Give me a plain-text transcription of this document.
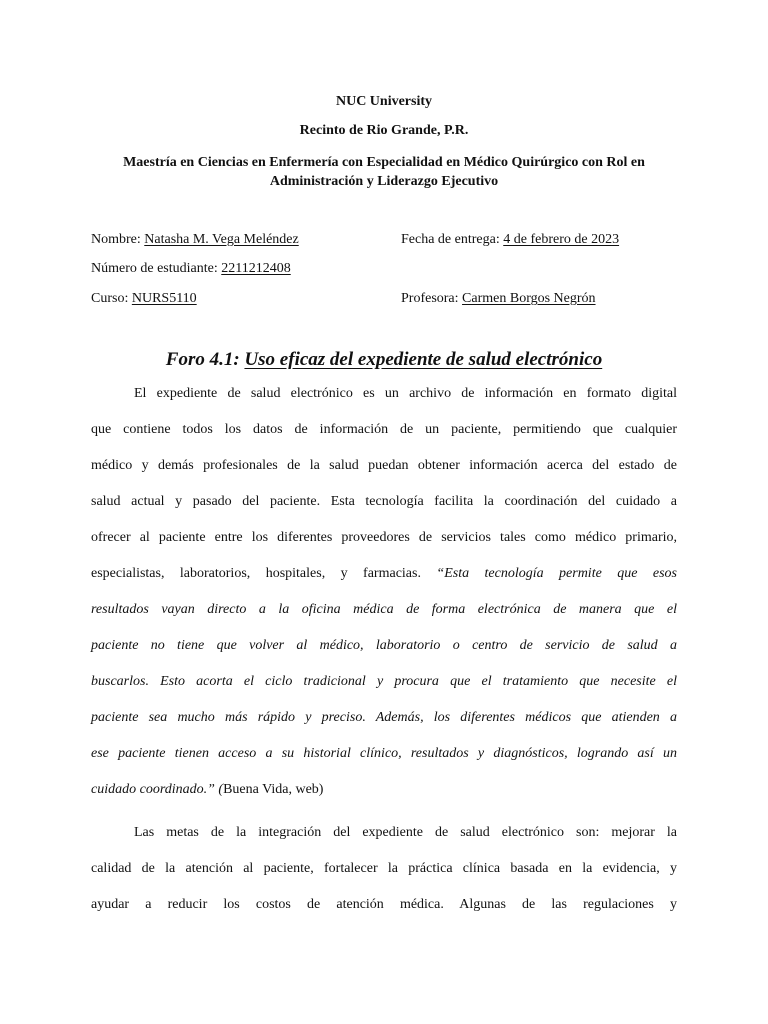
NUC University
Recinto de Rio Grande, P.R.
Maestría en Ciencias en Enfermería con Especialidad en Médico Quirúrgico con Rol en Administración y Liderazgo Ejecutivo
Nombre: Natasha M. Vega Meléndez	Fecha de entrega: 4 de febrero de 2023
Número de estudiante: 2211212408
Curso: NURS5110	Profesora: Carmen Borgos Negrón
Foro 4.1: Uso eficaz del expediente de salud electrónico
El expediente de salud electrónico es un archivo de información en formato digital
que contiene todos los datos de información de un paciente, permitiendo que cualquier
médico y demás profesionales de la salud puedan obtener información acerca del estado de
salud actual y pasado del paciente. Esta tecnología facilita la coordinación del cuidado a
ofrecer al paciente entre los diferentes proveedores de servicios tales como médico primario,
especialistas, laboratorios, hospitales, y farmacias. “Esta tecnología permite que esos
resultados vayan directo a la oficina médica de forma electrónica de manera que el
paciente no tiene que volver al médico, laboratorio o centro de servicio de salud a
buscarlos. Esto acorta el ciclo tradicional y procura que el tratamiento que necesite el
paciente sea mucho más rápido y preciso. Además, los diferentes médicos que atienden a
ese paciente tienen acceso a su historial clínico, resultados y diagnósticos, logrando así un
cuidado coordinado.” (Buena Vida, web)
Las metas de la integración del expediente de salud electrónico son: mejorar la
calidad de la atención al paciente, fortalecer la práctica clínica basada en la evidencia, y
ayudar a reducir los costos de atención médica. Algunas de las regulaciones y
